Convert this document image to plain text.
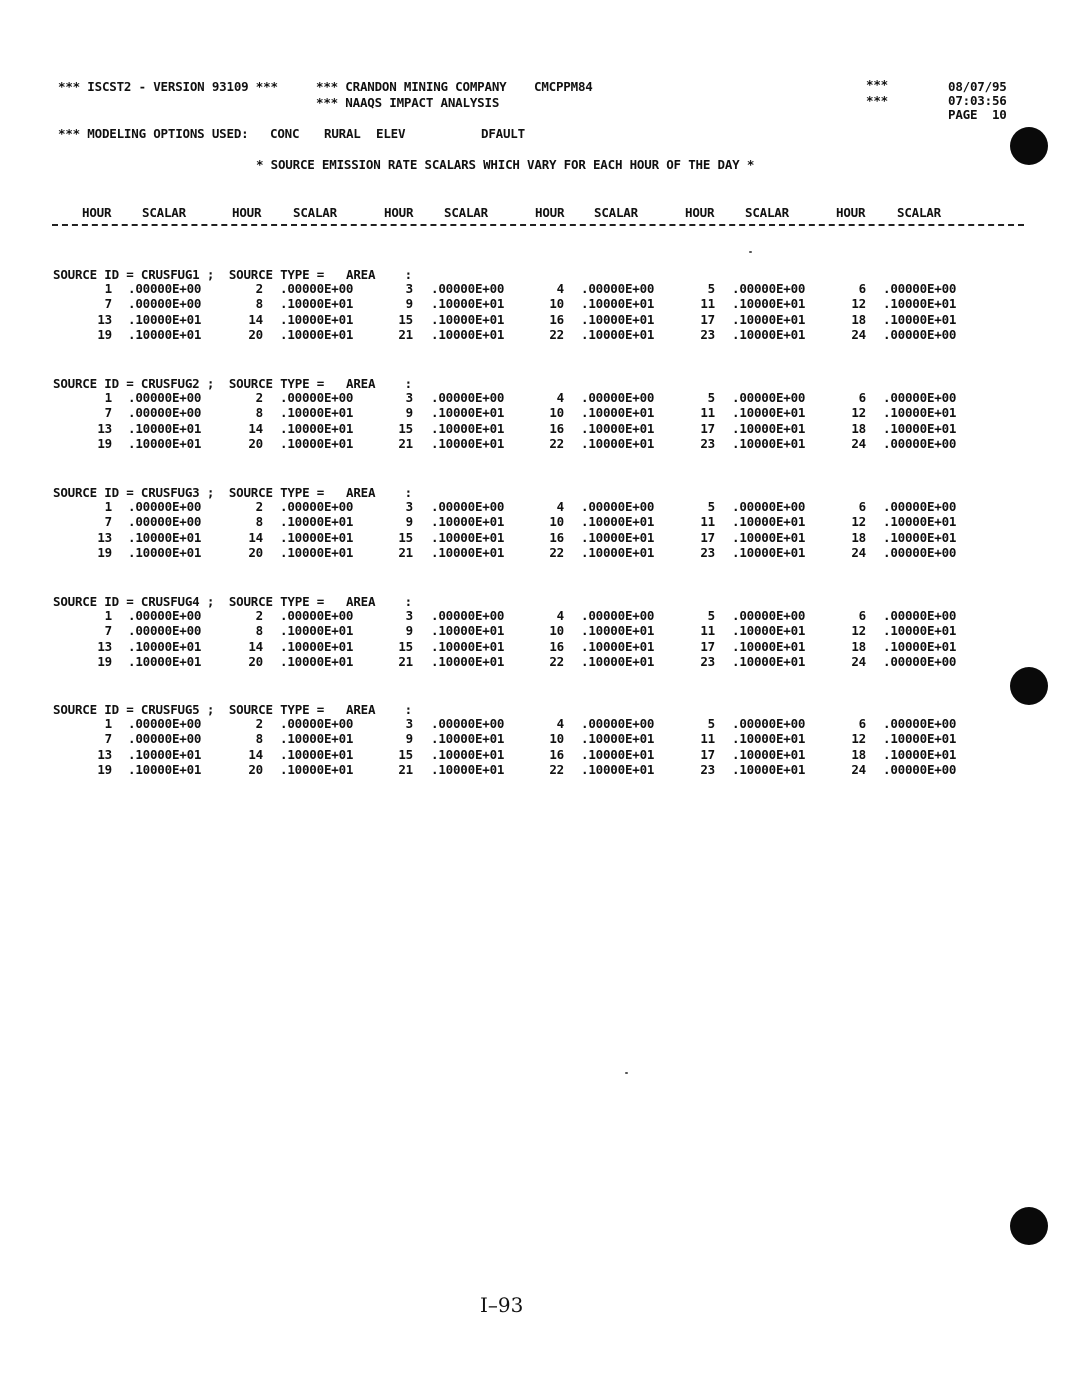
*** ISCST2 - VERSION 93109 ***	*** CRANDON MINING COMPANY CMCPPM84
*** NAAQS IMPACT ANALYSIS
***
***
08/07/95
07:03:56
PAGE  10
*** MODELING OPTIONS USED: CONC RURAL ELEV	DFAULT
* SOURCE EMISSION RATE SCALARS WHICH VARY FOR EACH HOUR OF THE DAY *
HOUR SCALAR	HOUR	SCALAR	HOUR SCALAR	HOUR SCALAR	HOUR SCALAR	HOUR	SCALAR
SOURCE ID = CRUSFUG1 ;  SOURCE TYPE =   AREA    :
1 .00000E+00	2 .00000E+00	3 .00000E+00	4 .00000E+00	5 .00000E+00	6 .00000E+00
7 .00000E+00	8 .10000E+01	9 .10000E+01	10 .10000E+01	11 .10000E+01	12 .10000E+01
13 .10000E+01	14 .10000E+01	15 .10000E+01	16 .10000E+01	17 .10000E+01	18 .10000E+01
19 .10000E+01	20 .10000E+01	21 .10000E+01	22 .10000E+01	23 .10000E+01	24 .00000E+00
SOURCE ID = CRUSFUG2 ;  SOURCE TYPE =   AREA    :
1 .00000E+00	2 .00000E+00	3 .00000E+00	4 .00000E+00	5 .00000E+00	6 .00000E+00
7 .00000E+00	8 .10000E+01	9 .10000E+01	10 .10000E+01	11 .10000E+01	12 .10000E+01
13 .10000E+01	14 .10000E+01	15 .10000E+01	16 .10000E+01	17 .10000E+01	18 .10000E+01
19 .10000E+01	20 .10000E+01	21 .10000E+01	22 .10000E+01	23 .10000E+01	24 .00000E+00
SOURCE ID = CRUSFUG3 ;  SOURCE TYPE =   AREA    :
1 .00000E+00	2 .00000E+00	3 .00000E+00	4 .00000E+00	5 .00000E+00	6 .00000E+00
7 .00000E+00	8 .10000E+01	9 .10000E+01	10 .10000E+01	11 .10000E+01	12 .10000E+01
13 .10000E+01	14 .10000E+01	15 .10000E+01	16 .10000E+01	17 .10000E+01	18 .10000E+01
19 .10000E+01	20 .10000E+01	21 .10000E+01	22 .10000E+01	23 .10000E+01	24 .00000E+00
SOURCE ID = CRUSFUG4 ;  SOURCE TYPE =   AREA    :
1 .00000E+00	2 .00000E+00	3 .00000E+00	4 .00000E+00	5 .00000E+00	6 .00000E+00
7 .00000E+00	8 .10000E+01	9 .10000E+01	10 .10000E+01	11 .10000E+01	12 .10000E+01
13 .10000E+01	14 .10000E+01	15 .10000E+01	16 .10000E+01	17 .10000E+01	18 .10000E+01
19 .10000E+01	20 .10000E+01	21 .10000E+01	22 .10000E+01	23 .10000E+01	24 .00000E+00
SOURCE ID = CRUSFUG5 ;  SOURCE TYPE =   AREA    :
1 .00000E+00	2 .00000E+00	3 .00000E+00	4 .00000E+00	5 .00000E+00	6 .00000E+00
7 .00000E+00	8 .10000E+01	9 .10000E+01	10 .10000E+01	11 .10000E+01	12 .10000E+01
13 .10000E+01	14 .10000E+01	15 .10000E+01	16 .10000E+01	17 .10000E+01	18 .10000E+01
19 .10000E+01	20 .10000E+01	21 .10000E+01	22 .10000E+01	23 .10000E+01	24 .00000E+00
I–93
